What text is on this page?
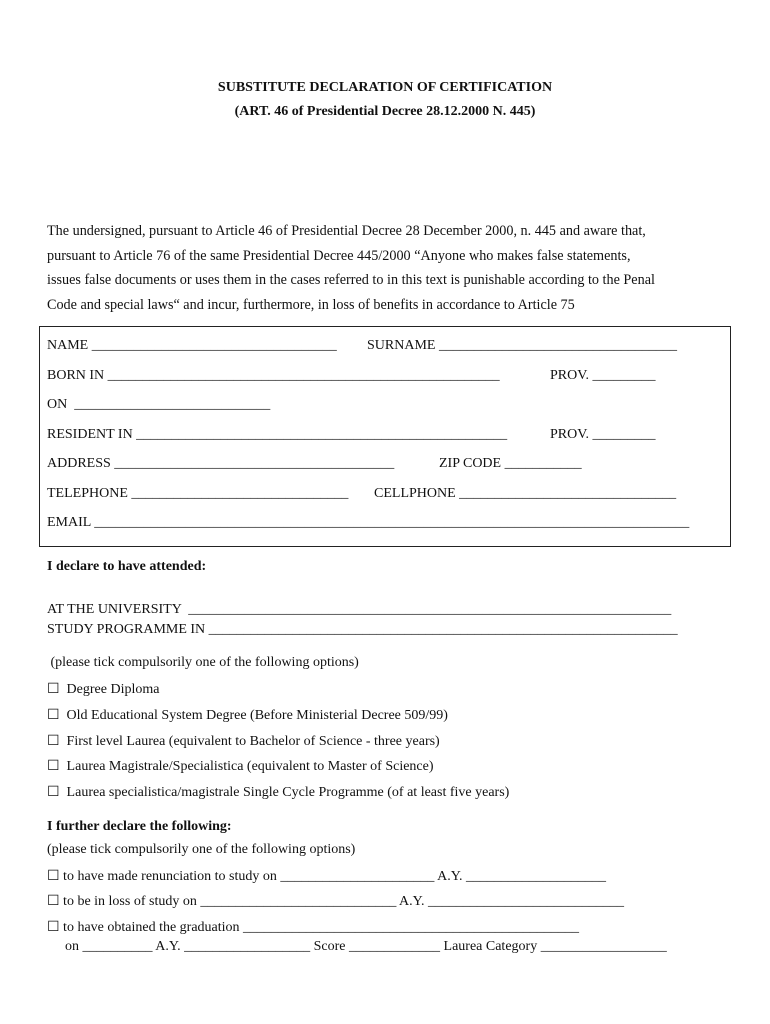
SUBSTITUTE DECLARATION OF CERTIFICATION
(ART. 46 of Presidential Decree 28.12.2000 N. 445)
The undersigned, pursuant to Article 46 of Presidential Decree 28 December 2000, n. 445 and aware that,
pursuant to Article 76 of the same Presidential Decree 445/2000 “Anyone who makes false statements,
issues false documents or uses them in the cases referred to in this text is punishable according to the Penal
Code and special laws“ and incur, furthermore, in loss of benefits in accordance to Article 75
NAME ___________________________________ SURNAME __________________________________
BORN IN ________________________________________________________	PROV. _________
ON  ____________________________
RESIDENT IN _____________________________________________________	PROV. _________
ADDRESS ________________________________________	ZIP CODE ___________
TELEPHONE _______________________________ CELLPHONE _______________________________
EMAIL _____________________________________________________________________________________
I declare to have attended:
AT THE UNIVERSITY  _____________________________________________________________________
STUDY PROGRAMME IN ___________________________________________________________________
(please tick compulsorily one of the following options)
☐  Degree Diploma
☐  Old Educational System Degree (Before Ministerial Decree 509/99)
☐  First level Laurea (equivalent to Bachelor of Science - three years)
☐  Laurea Magistrale/Specialistica (equivalent to Master of Science)
☐  Laurea specialistica/magistrale Single Cycle Programme (of at least five years)
I further declare the following:
(please tick compulsorily one of the following options)
☐ to have made renunciation to study on ______________________ A.Y. ____________________
☐ to be in loss of study on ____________________________ A.Y. ____________________________
☐ to have obtained the graduation ________________________________________________
on __________ A.Y. __________________ Score _____________ Laurea Category __________________
